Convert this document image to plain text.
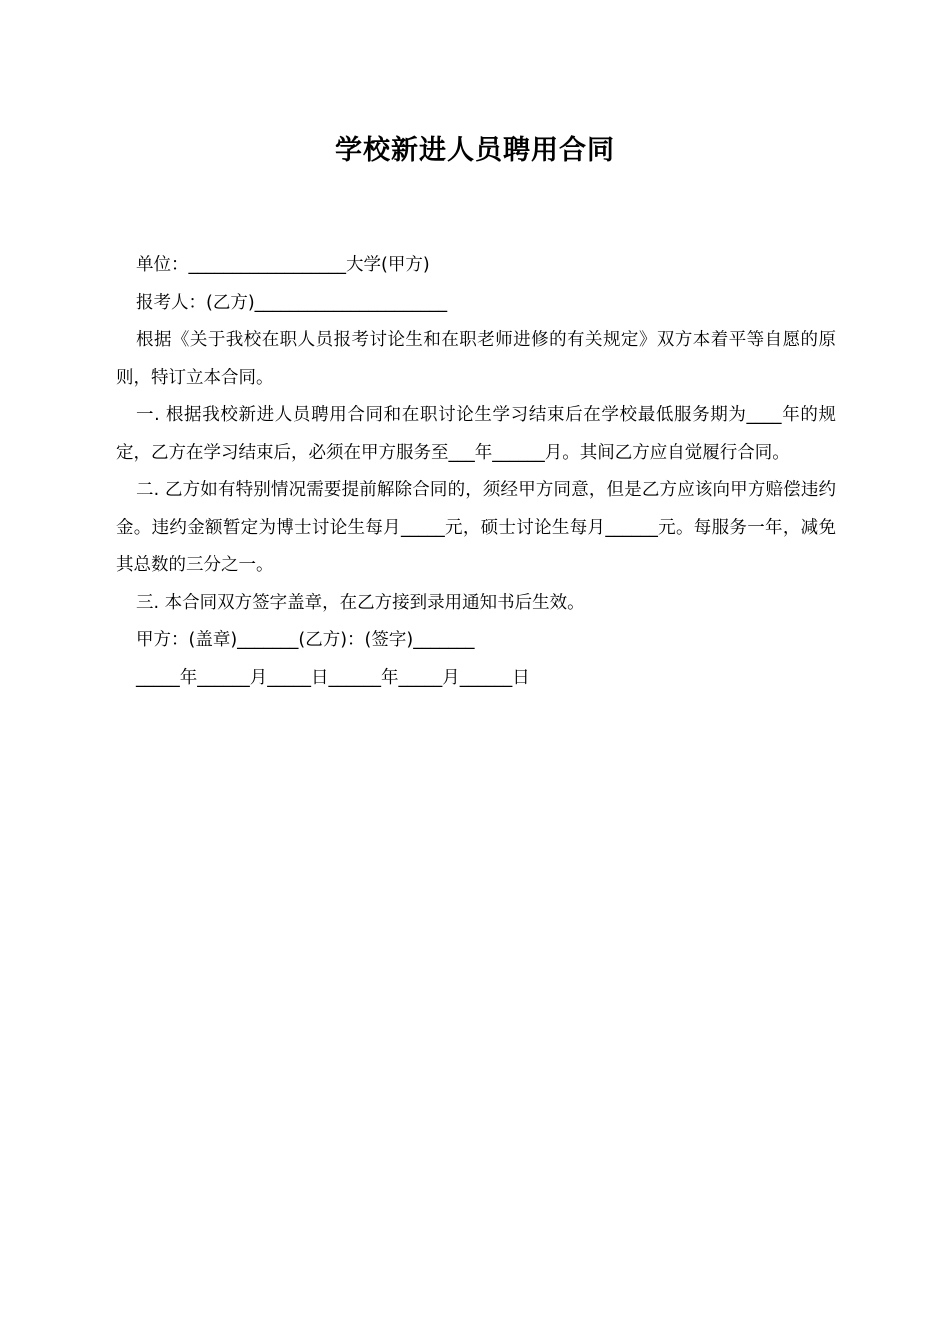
学校新进人员聘用合同

单位：__________________大学(甲方)

报考人：(乙方)______________________

根据《关于我校在职人员报考讨论生和在职老师进修的有关规定》双方本着平等自愿的原则，特订立本合同。

一. 根据我校新进人员聘用合同和在职讨论生学习结束后在学校最低服务期为____年的规定，乙方在学习结束后，必须在甲方服务至___年______月。其间乙方应自觉履行合同。

二. 乙方如有特别情况需要提前解除合同的，须经甲方同意，但是乙方应该向甲方赔偿违约金。违约金额暂定为博士讨论生每月_____元，硕士讨论生每月______元。每服务一年，减免其总数的三分之一。

三. 本合同双方签字盖章，在乙方接到录用通知书后生效。

甲方：(盖章)_______(乙方)：(签字)_______

_____年______月_____日______年_____月______日
